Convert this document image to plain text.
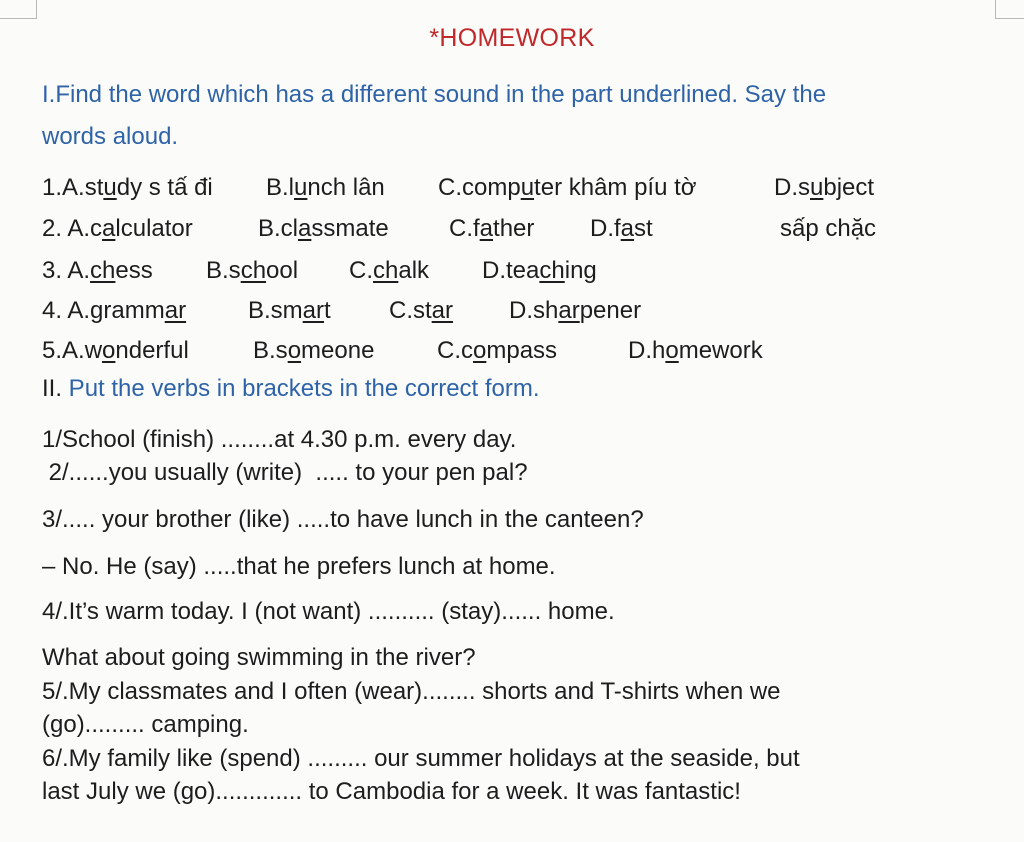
*HOMEWORK
I.Find the word which has a different sound in the part underlined. Say the
words aloud.
1.A.study s tấ đi B.lunch lân C.computer khâm píu tờ	D.subject
2. A.calculator	B.classmate	C.father D.fast	sấp chặc
3. A.chess B.school C.chalk D.teaching
4. A.grammar	B.smart C.star D.sharpener
5.A.wonderful	B.someone	C.compass	D.homework
II. Put the verbs in brackets in the correct form.
1/School (finish) ........at 4.30 p.m. every day.
2/......you usually (write)  ..... to your pen pal?
3/..... your brother (like) .....to have lunch in the canteen?
– No. He (say) .....that he prefers lunch at home.
4/.It’s warm today. I (not want) .......... (stay)...... home.
What about going swimming in the river?
5/.My classmates and I often (wear)........ shorts and T-shirts when we
(go)......... camping.
6/.My family like (spend) ......... our summer holidays at the seaside, but
last July we (go)............. to Cambodia for a week. It was fantastic!
